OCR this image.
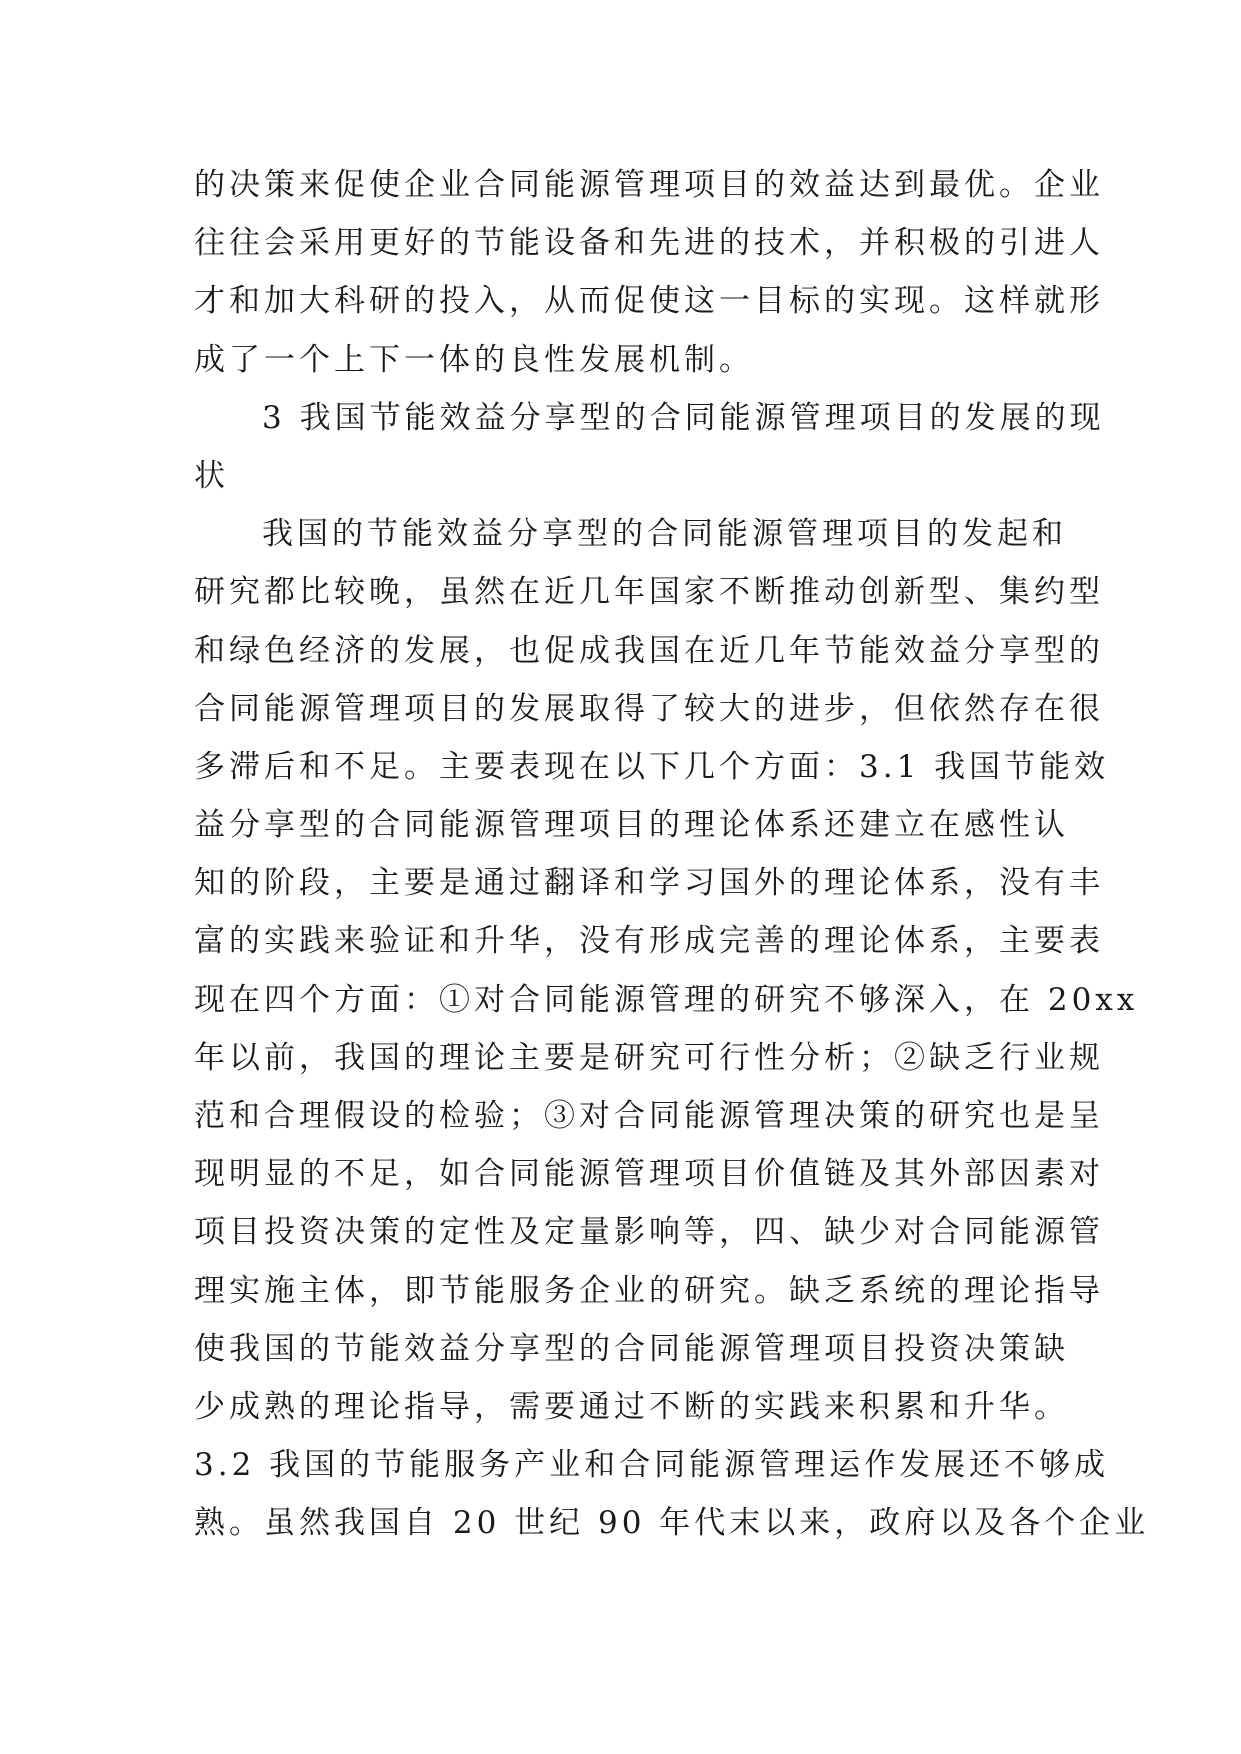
的决策来促使企业合同能源管理项目的效益达到最优。企业
往往会采用更好的节能设备和先进的技术，并积极的引进人
才和加大科研的投入，从而促使这一目标的实现。这样就形
成了一个上下一体的良性发展机制。
3 我国节能效益分享型的合同能源管理项目的发展的现
状
我国的节能效益分享型的合同能源管理项目的发起和
研究都比较晚，虽然在近几年国家不断推动创新型、集约型
和绿色经济的发展，也促成我国在近几年节能效益分享型的
合同能源管理项目的发展取得了较大的进步，但依然存在很
多滞后和不足。主要表现在以下几个方面：3.1 我国节能效
益分享型的合同能源管理项目的理论体系还建立在感性认
知的阶段，主要是通过翻译和学习国外的理论体系，没有丰
富的实践来验证和升华，没有形成完善的理论体系，主要表
现在四个方面：①对合同能源管理的研究不够深入，在 20xx
年以前，我国的理论主要是研究可行性分析；②缺乏行业规
范和合理假设的检验；③对合同能源管理决策的研究也是呈
现明显的不足，如合同能源管理项目价值链及其外部因素对
项目投资决策的定性及定量影响等，四、缺少对合同能源管
理实施主体，即节能服务企业的研究。缺乏系统的理论指导
使我国的节能效益分享型的合同能源管理项目投资决策缺
少成熟的理论指导，需要通过不断的实践来积累和升华。
3.2 我国的节能服务产业和合同能源管理运作发展还不够成
熟。虽然我国自 20 世纪 90 年代末以来，政府以及各个企业
